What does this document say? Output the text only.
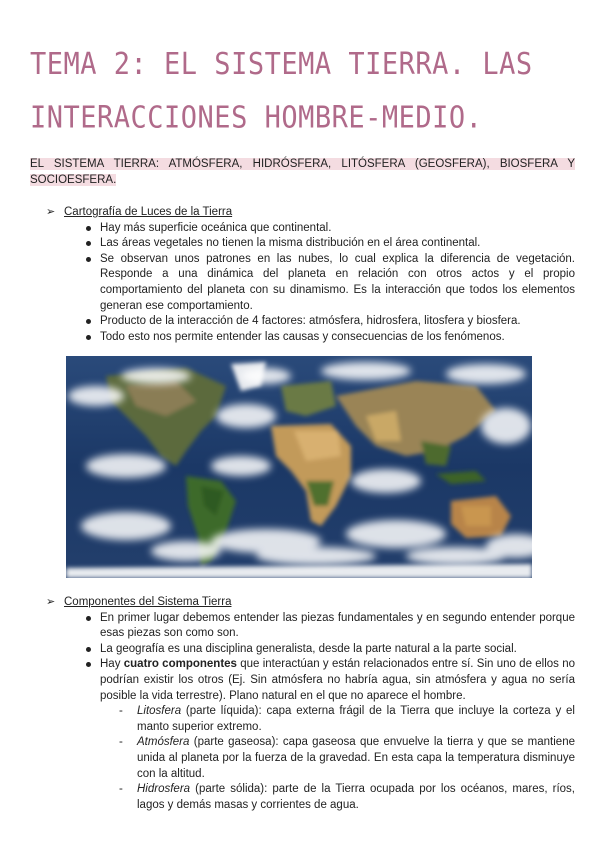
TEMA 2: EL SISTEMA TIERRA. LAS INTERACCIONES HOMBRE-MEDIO.

EL SISTEMA TIERRA: ATMÓSFERA, HIDRÓSFERA, LITÓSFERA (GEOSFERA), BIOSFERA Y SOCIOESFERA.

➢ Cartografía de Luces de la Tierra
Hay más superficie oceánica que continental.
Las áreas vegetales no tienen la misma distribución en el área continental.
Se observan unos patrones en las nubes, lo cual explica la diferencia de vegetación. Responde a una dinámica del planeta en relación con otros actos y el propio comportamiento del planeta con su dinamismo. Es la interacción que todos los elementos generan ese comportamiento.
Producto de la interacción de 4 factores: atmósfera, hidrosfera, litosfera y biosfera.
Todo esto nos permite entender las causas y consecuencias de los fenómenos.
➢ Componentes del Sistema Tierra
En primer lugar debemos entender las piezas fundamentales y en segundo entender porque esas piezas son como son.
La geografía es una disciplina generalista, desde la parte natural a la parte social.
Hay cuatro componentes que interactúan y están relacionados entre sí. Sin uno de ellos no podrían existir los otros (Ej. Sin atmósfera no habría agua, sin atmósfera y agua no sería posible la vida terrestre). Plano natural en el que no aparece el hombre.
- Litosfera (parte líquida): capa externa frágil de la Tierra que incluye la corteza y el manto superior extremo.
- Atmósfera (parte gaseosa): capa gaseosa que envuelve la tierra y que se mantiene unida al planeta por la fuerza de la gravedad. En esta capa la temperatura disminuye con la altitud.
- Hidrosfera (parte sólida): parte de la Tierra ocupada por los océanos, mares, ríos, lagos y demás masas y corrientes de agua.
